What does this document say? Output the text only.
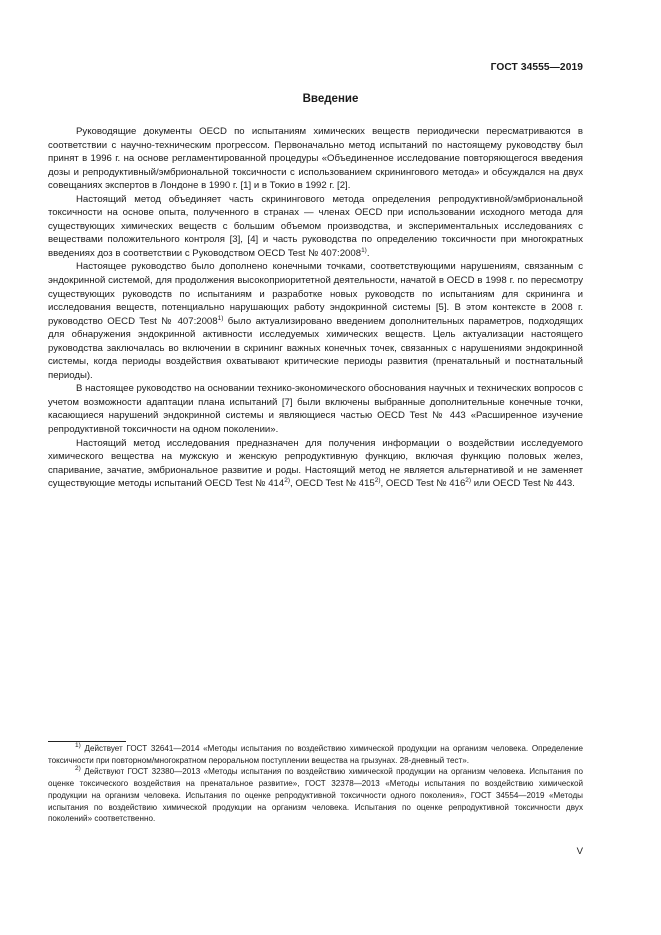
ГОСТ 34555—2019
Введение

Руководящие документы OECD по испытаниям химических веществ периодически пересматриваются в соответствии с научно-техническим прогрессом. Первоначально метод испытаний по настоящему руководству был принят в 1996 г. на основе регламентированной процедуры «Объединенное исследование повторяющегося введения дозы и репродуктивный/эмбриональной токсичности с использованием скринингового метода» и обсуждался на двух совещаниях экспертов в Лондоне в 1990 г. [1] и в Токио в 1992 г. [2].

Настоящий метод объединяет часть скринингового метода определения репродуктивной/эмбриональной токсичности на основе опыта, полученного в странах — членах OECD при использовании исходного метода для существующих химических веществ с большим объемом производства, и экспериментальных исследованиях с веществами положительного контроля [3], [4] и часть руководства по определению токсичности при многократных введениях доз в соответствии с Руководством OECD Test № 407:2008$^{1)}$.

Настоящее руководство было дополнено конечными точками, соответствующими нарушениям, связанным с эндокринной системой, для продолжения высокоприоритетной деятельности, начатой в OECD в 1998 г. по пересмотру существующих руководств по испытаниям и разработке новых руководств по испытаниям для скрининга и исследования веществ, потенциально нарушающих работу эндокринной системы [5]. В этом контексте в 2008 г. руководство OECD Test № 407:2008$^{1)}$ было актуализировано введением дополнительных параметров, подходящих для обнаружения эндокринной активности исследуемых химических веществ. Цель актуализации настоящего руководства заключалась во включении в скрининг важных конечных точек, связанных с нарушениями эндокринной системы, когда периоды воздействия охватывают критические периоды развития (пренатальный и постнатальный периоды).

В настоящее руководство на основании технико-экономического обоснования научных и технических вопросов с учетом возможности адаптации плана испытаний [7] были включены выбранные дополнительные конечные точки, касающиеся нарушений эндокринной системы и являющиеся частью OECD Test № 443 «Расширенное изучение репродуктивной токсичности на одном поколении».

Настоящий метод исследования предназначен для получения информации о воздействии исследуемого химического вещества на мужскую и женскую репродуктивную функцию, включая функцию половых желез, спаривание, зачатие, эмбриональное развитие и роды. Настоящий метод не является альтернативой и не заменяет существующие методы испытаний OECD Test № 414$^{2)}$, OECD Test № 415$^{2)}$, OECD Test № 416$^{2)}$ или OECD Test № 443.

$^{1)}$ Действует ГОСТ 32641—2014 «Методы испытания по воздействию химической продукции на организм человека. Определение токсичности при повторном/многократном пероральном поступлении вещества на грызунах. 28-дневный тест».

$^{2)}$ Действуют ГОСТ 32380—2013 «Методы испытания по воздействию химической продукции на организм человека. Испытания по оценке токсического воздействия на пренатальное развитие», ГОСТ 32378—2013 «Методы испытания по воздействию химической продукции на организм человека. Испытания по оценке репродуктивной токсичности одного поколения», ГОСТ 34554—2019 «Методы испытания по воздействию химической продукции на организм человека. Испытания по оценке репродуктивной токсичности двух поколений» соответственно.

V
